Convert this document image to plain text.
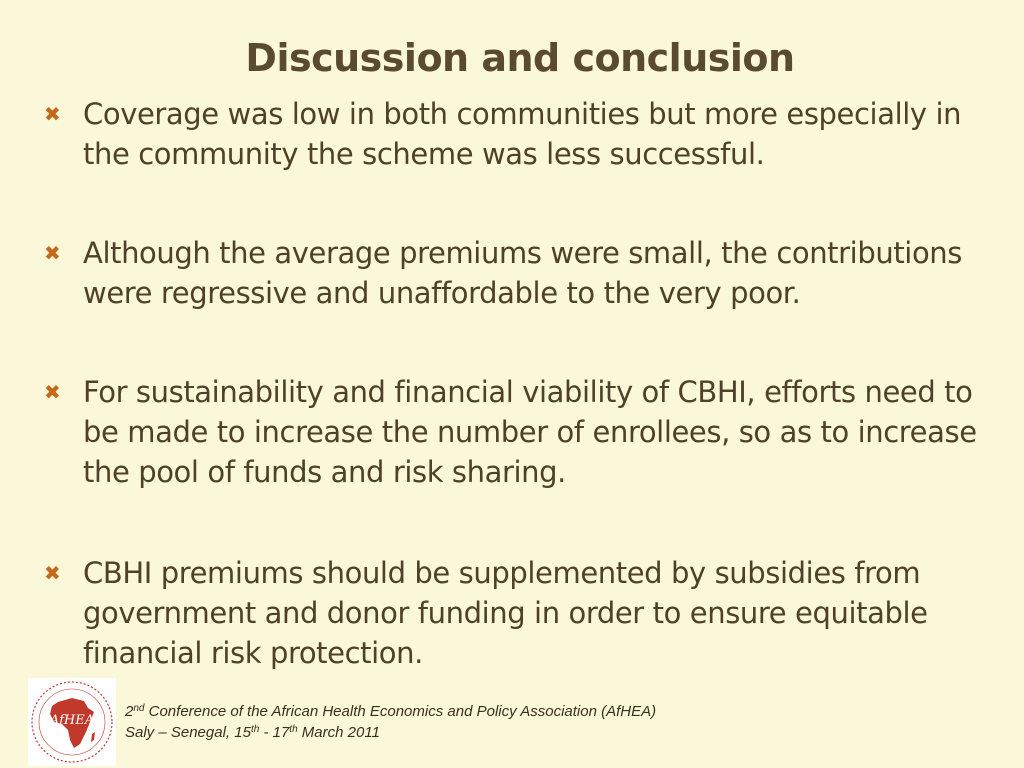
Discussion and conclusion
✖ Coverage was low in both communities but more especially in the community the scheme was less successful.
✖ Although the average premiums were small, the contributions were regressive and unaffordable to the very poor.
✖ For sustainability and financial viability of CBHI, efforts need to be made to increase the number of enrollees, so as to increase the pool of funds and risk sharing.
✖ CBHI premiums should be supplemented by subsidies from government and donor funding in order to ensure equitable financial risk protection.
AfHEA
2nd Conference of the African Health Economics and Policy Association (AfHEA)
Saly – Senegal, 15th - 17th March 2011
